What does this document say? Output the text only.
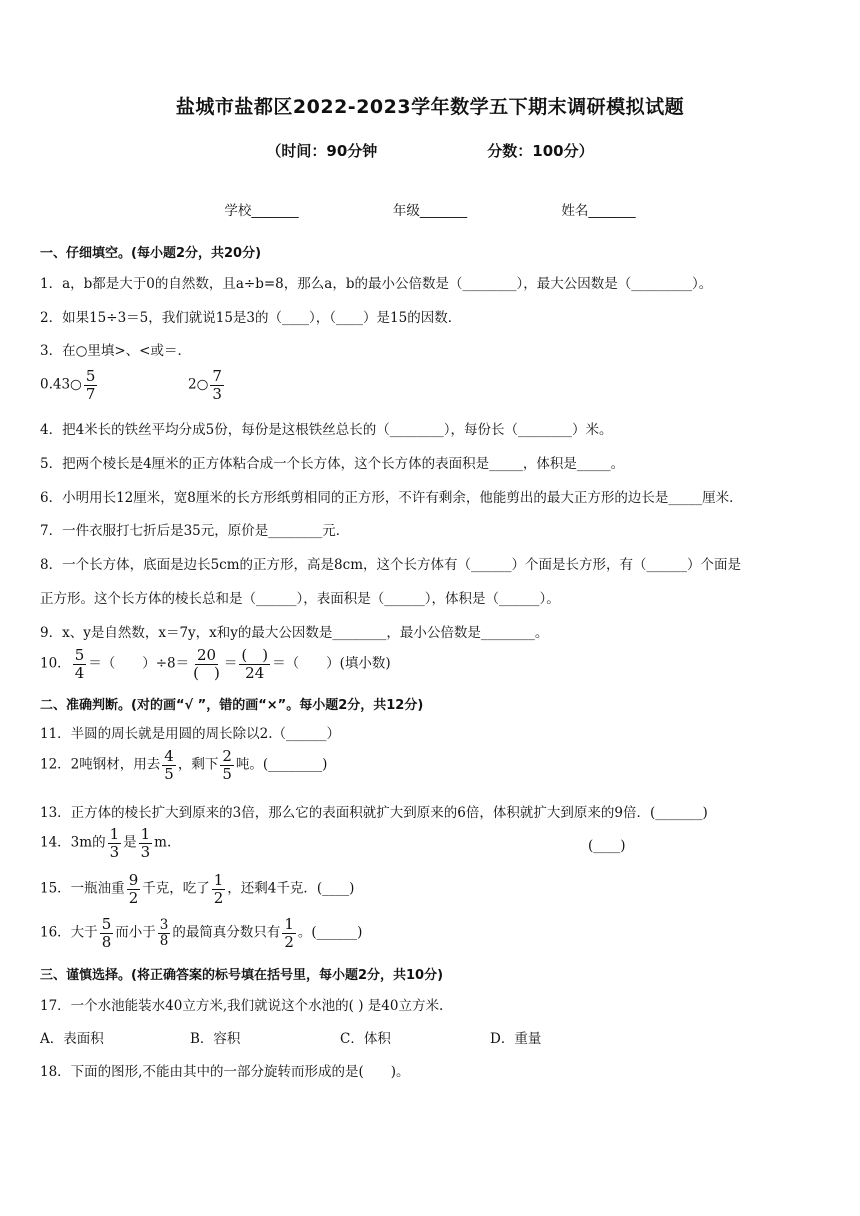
盐城市盐都区2022-2023学年数学五下期末调研模拟试题
（时间：90分钟	分数：100分）
学校_______	年级_______	姓名_______
一、仔细填空。(每小题2分，共20分)
1．a，b都是大于0的自然数，且a÷b=8，那么a，b的最小公倍数是（________），最大公因数是（_________）。
2．如果15÷3＝5，我们就说15是3的（____），（____）是15的因数．
3．在○里填>、<或＝．
0.43○ $\frac{5}{7}$	2○ $\frac{7}{3}$
4．把4米长的铁丝平均分成5份，每份是这根铁丝总长的（________），每份长（________）米。
5．把两个棱长是4厘米的正方体粘合成一个长方体，这个长方体的表面积是_____，体积是_____。
6．小明用长12厘米，宽8厘米的长方形纸剪相同的正方形，不许有剩余，他能剪出的最大正方形的边长是_____厘米．
7．一件衣服打七折后是35元，原价是________元．
8．一个长方体，底面是边长5cm的正方形，高是8cm，这个长方体有（______）个面是长方形，有（______）个面是
正方形。这个长方体的棱长总和是（______），表面积是（______），体积是（______）。
9．x、y是自然数，x＝7y，x和y的最大公因数是________，最小公倍数是________。
10． $\frac{5}{4}$ ＝（　　）$\div 8= \frac{20}{( )} = \frac{( )}{24}$ ＝（　　）(填小数)
二、准确判断。(对的画“√ ”，错的画“×”。每小题2分，共12分)
11．半圆的周长就是用圆的周长除以2.（______）
12．2吨钢材，用去 $\frac{4}{5}$ ，剩下 $\frac{2}{5}$ 吨。(________)
13．正方体的棱长扩大到原来的3倍，那么它的表面积就扩大到原来的6倍，体积就扩大到原来的9倍．(_______)
14．3m的 $\frac{1}{3}$ 是 $\frac{1}{3} m$.	(____)
15．一瓶油重 $\frac{9}{2}$ 千克，吃了 $\frac{1}{2}$ ，还剩4千克．(____)
16．大于 $\frac{5}{8}$ 而小于 $\frac{3}{8}$ 的最简真分数只有 $\frac{1}{2}$ 。(______)
三、谨慎选择。(将正确答案的标号填在括号里，每小题2分，共10分)
17．一个水池能装水40立方米,我们就说这个水池的( ) 是40立方米.
A．表面积	B．容积	C．体积	D．重量
18．下面的图形,不能由其中的一部分旋转而形成的是(　　)。
